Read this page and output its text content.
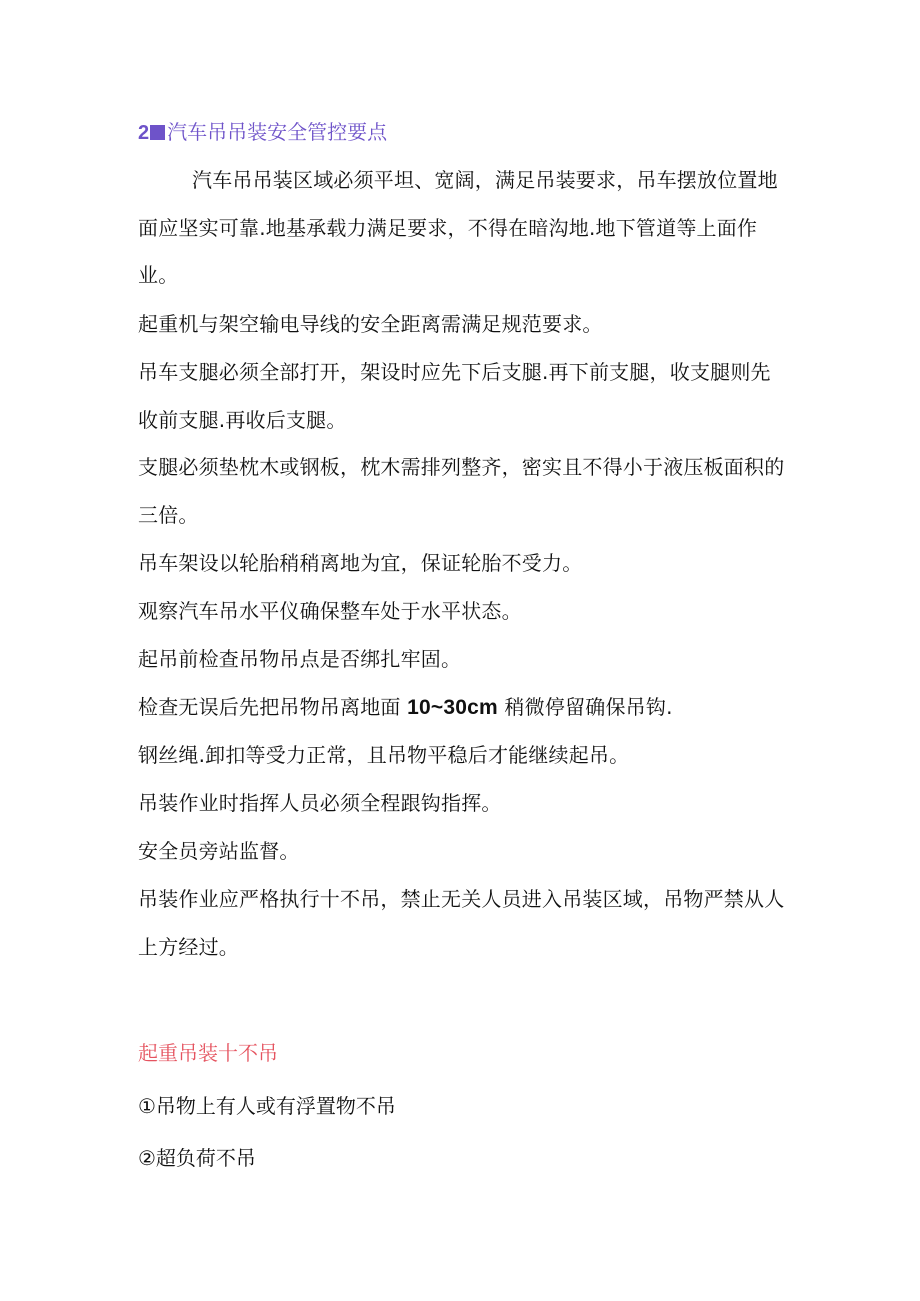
2 汽车吊吊装安全管控要点
汽车吊吊装区域必须平坦、宽阔，满足吊装要求，吊车摆放位置地面应坚实可靠.地基承载力满足要求，不得在暗沟地.地下管道等上面作业。
起重机与架空输电导线的安全距离需满足规范要求。
吊车支腿必须全部打开，架设时应先下后支腿.再下前支腿，收支腿则先收前支腿.再收后支腿。
支腿必须垫枕木或钢板，枕木需排列整齐，密实且不得小于液压板面积的三倍。
吊车架设以轮胎稍稍离地为宜，保证轮胎不受力。
观察汽车吊水平仪确保整车处于水平状态。
起吊前检查吊物吊点是否绑扎牢固。
检查无误后先把吊物吊离地面 10~30cm 稍微停留确保吊钩.
钢丝绳.卸扣等受力正常，且吊物平稳后才能继续起吊。
吊装作业时指挥人员必须全程跟钩指挥。
安全员旁站监督。
吊装作业应严格执行十不吊，禁止无关人员进入吊装区域，吊物严禁从人上方经过。
起重吊装十不吊
①吊物上有人或有浮置物不吊
②超负荷不吊
